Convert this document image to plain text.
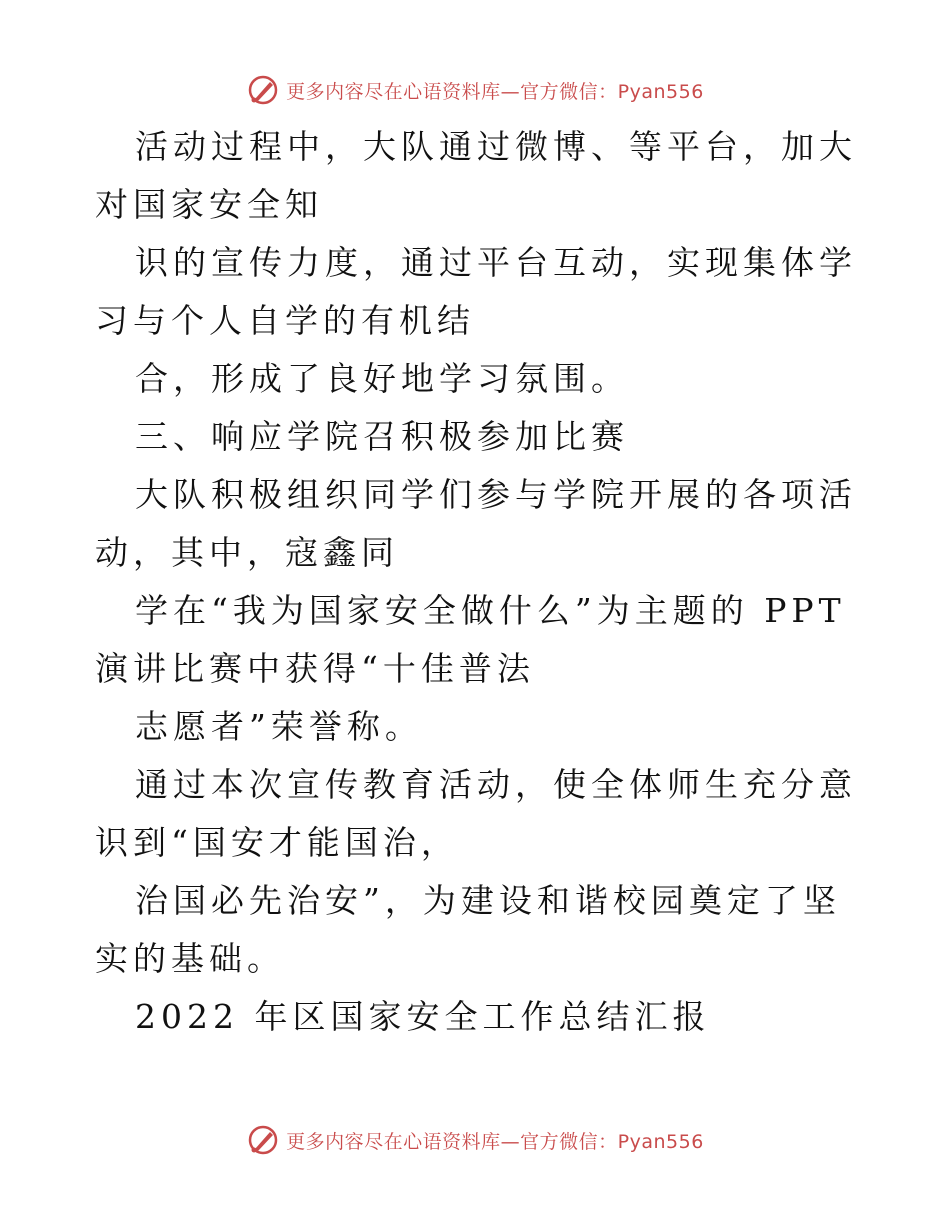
更多内容尽在心语资料库—官方微信：Pyan556

活动过程中，大队通过微博、等平台，加大对国家安全知

识的宣传力度，通过平台互动，实现集体学习与个人自学的有机结

合，形成了良好地学习氛围。

三、响应学院召积极参加比赛

大队积极组织同学们参与学院开展的各项活动，其中，寇鑫同

学在“我为国家安全做什么”为主题的 PPT 演讲比赛中获得“十佳普法

志愿者”荣誉称。

通过本次宣传教育活动，使全体师生充分意识到“国安才能国治，

治国必先治安”，为建设和谐校园奠定了坚实的基础。

2022 年区国家安全工作总结汇报

更多内容尽在心语资料库—官方微信：Pyan556
